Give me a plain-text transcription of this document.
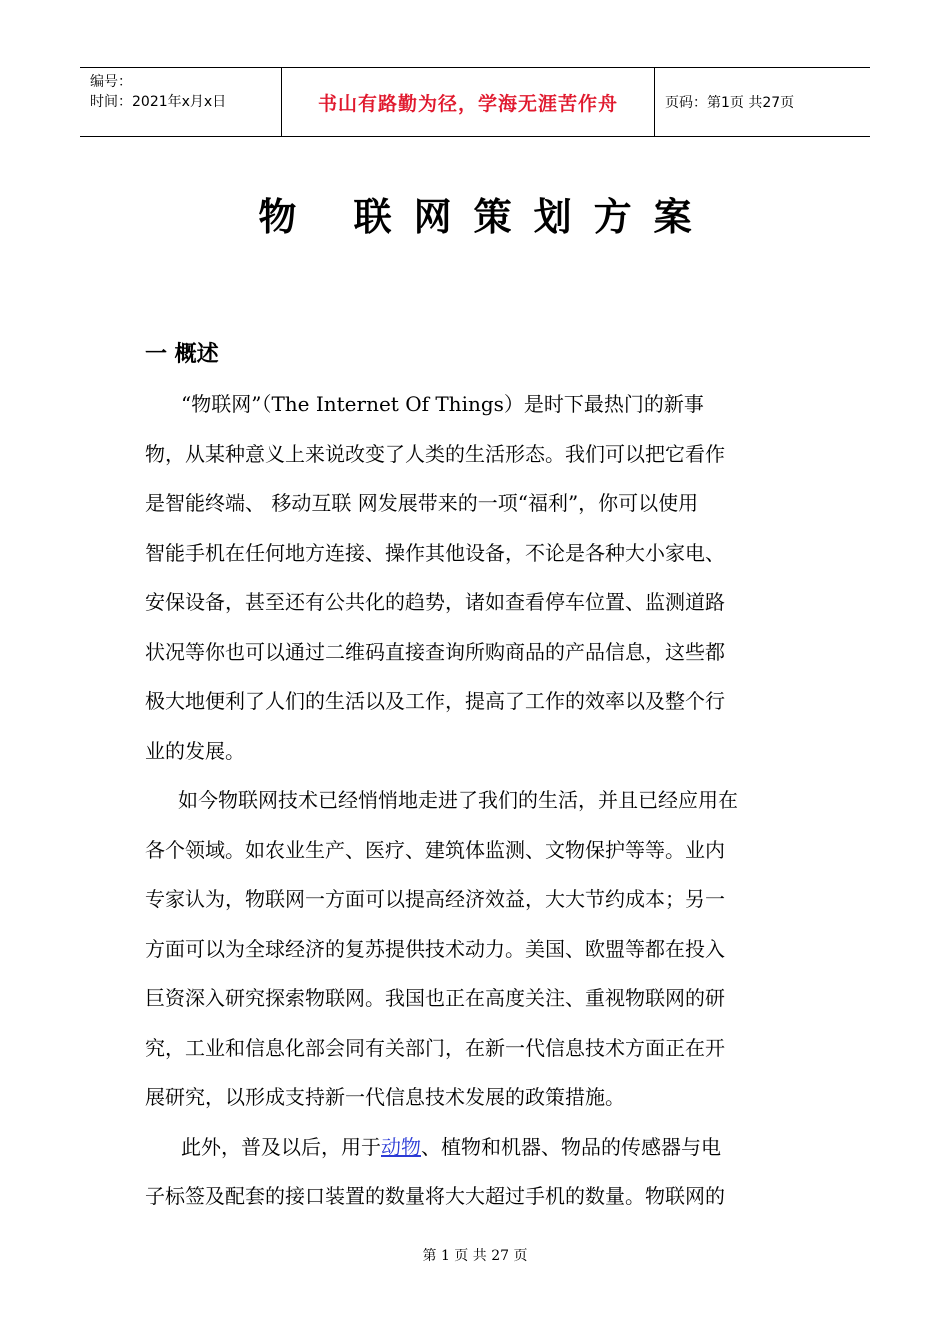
编号：
时间：2021年x月x日	书山有路勤为径，学海无涯苦作舟	页码：第1页 共27页
物 联网策划方案
一 概述
“物联网”（The Internet Of Things）是时下最热门的新事
物，从某种意义上来说改变了人类的生活形态。我们可以把它看作
是智能终端、 移动互联 网发展带来的一项“福利”，你可以使用
智能手机在任何地方连接、操作其他设备，不论是各种大小家电、
安保设备，甚至还有公共化的趋势，诸如查看停车位置、监测道路
状况等你也可以通过二维码直接查询所购商品的产品信息，这些都
极大地便利了人们的生活以及工作，提高了工作的效率以及整个行
业的发展。
如今物联网技术已经悄悄地走进了我们的生活，并且已经应用在
各个领域。如农业生产、医疗、建筑体监测、文物保护等等。业内
专家认为，物联网一方面可以提高经济效益，大大节约成本；另一
方面可以为全球经济的复苏提供技术动力。美国、欧盟等都在投入
巨资深入研究探索物联网。我国也正在高度关注、重视物联网的研
究，工业和信息化部会同有关部门，在新一代信息技术方面正在开
展研究，以形成支持新一代信息技术发展的政策措施。
此外，普及以后，用于动物、植物和机器、物品的传感器与电
子标签及配套的接口装置的数量将大大超过手机的数量。物联网的
第 1 页 共 27 页
